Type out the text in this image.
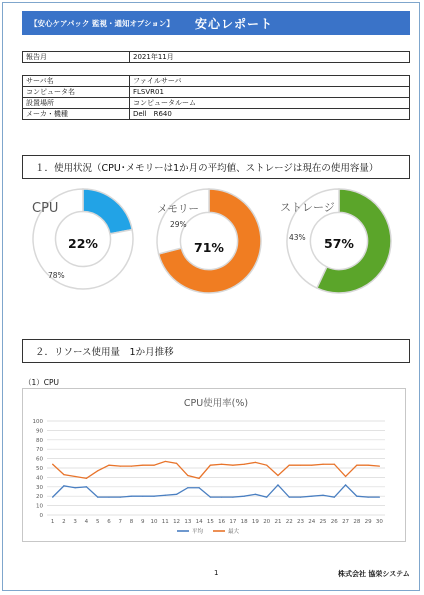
【安心ケアパック 監視・通知オプション】	安心レポート
報告月	2021年11月
サーバ名	ファイルサーバ
コンピュータ名	FLSVR01
設置場所	コンピュータルーム
メーカ・機種	Dell　R640
１．使用状況（CPU･メモリーは1か月の平均値、ストレージは現在の使用容量）
CPU	メモリー	ストレージ
22%	71%	57%
78%
29%
43%
２．リソース使用量　1か月推移
（1）CPU
CPU使用率(%)
0
10
20
30
40
50
60
70
80
90
100
1 2 3 4 5 6 7 8 9 10 11 12 13 14 15 16 17 18 19 20 21 22 23 24 25 26 27 28 29 30
平均	最大
1	株式会社 協栄システム
